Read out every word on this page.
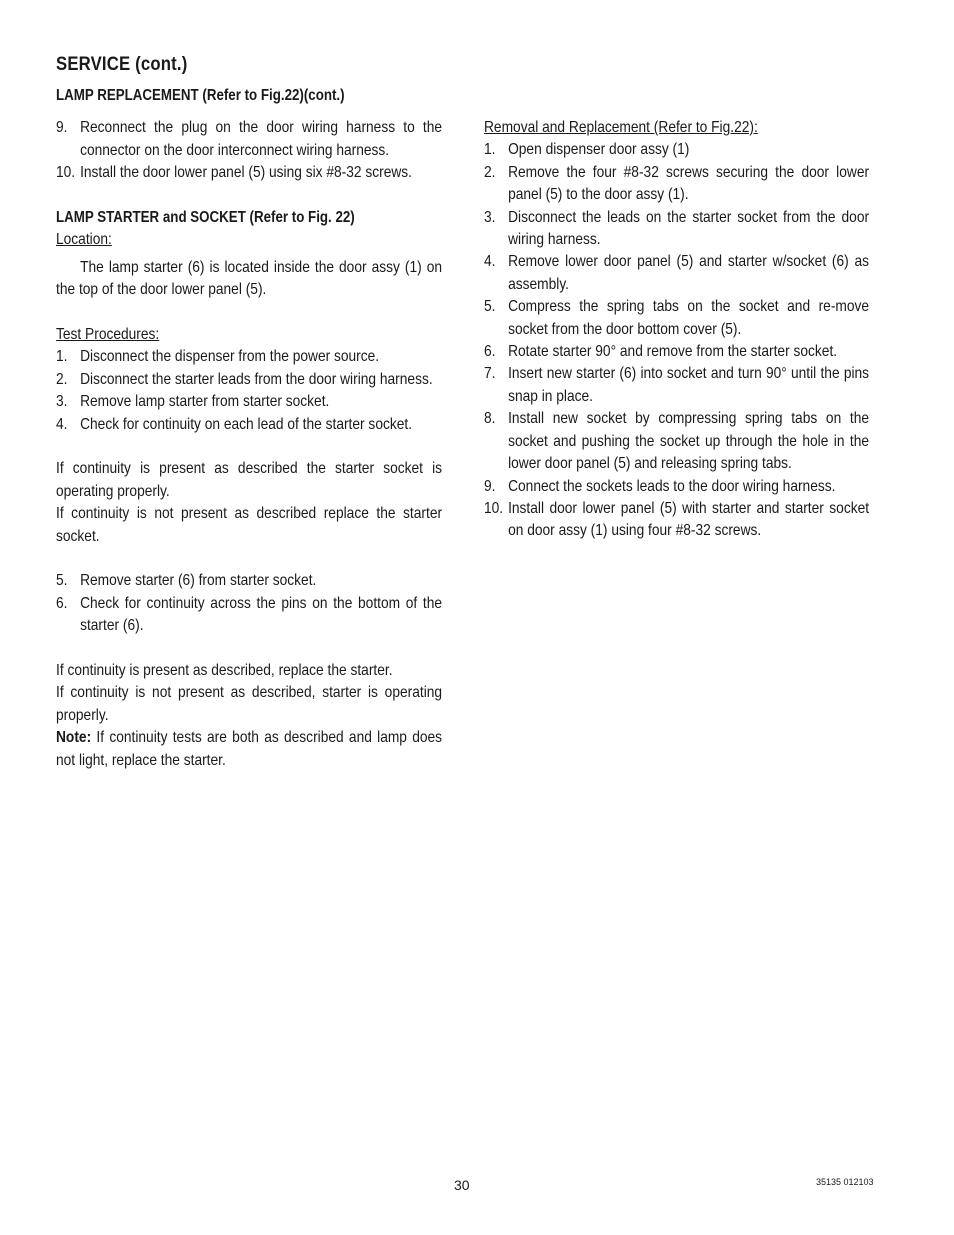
SERVICE (cont.)

LAMP REPLACEMENT (Refer to Fig.22)(cont.)

9. Reconnect the plug on the door wiring harness to the connector on the door interconnect wiring harness.
10. Install the door lower panel (5) using six #8-32 screws.

LAMP STARTER and SOCKET (Refer to Fig. 22)

Location:

The lamp starter (6) is located inside the door assy (1) on the top of the door lower panel (5).

Test Procedures:

1. Disconnect the dispenser from the power source.
2. Disconnect the starter leads from the door wiring harness.
3. Remove lamp starter from starter socket.
4. Check for continuity on each lead of the starter socket.

If continuity is present as described the starter socket is operating properly.

If continuity is not present as described replace the starter socket.

5. Remove starter (6) from starter socket.
6. Check for continuity across the pins on the bottom of the starter (6).

If continuity is present as described, replace the starter.

If continuity is not present as described, starter is operating properly.

Note: If continuity tests are both as described and lamp does not light, replace the starter.

Removal and Replacement (Refer to Fig.22):

1. Open dispenser door assy (1)
2. Remove the four #8-32 screws securing the door lower panel (5) to the door assy (1).
3. Disconnect the leads on the starter socket from the door wiring harness.
4. Remove lower door panel (5) and starter w/socket (6) as assembly.
5. Compress the spring tabs on the socket and re-move socket from the door bottom cover (5).
6. Rotate starter 90° and remove from the starter socket.
7. Insert new starter (6) into socket and turn 90° until the pins snap in place.
8. Install new socket by compressing spring tabs on the socket and pushing the socket up through the hole in the lower door panel (5) and releasing spring tabs.
9. Connect the sockets leads to the door wiring harness.
10. Install door lower panel (5) with starter and starter socket on door assy (1) using four #8-32 screws.
30	35135 012103
